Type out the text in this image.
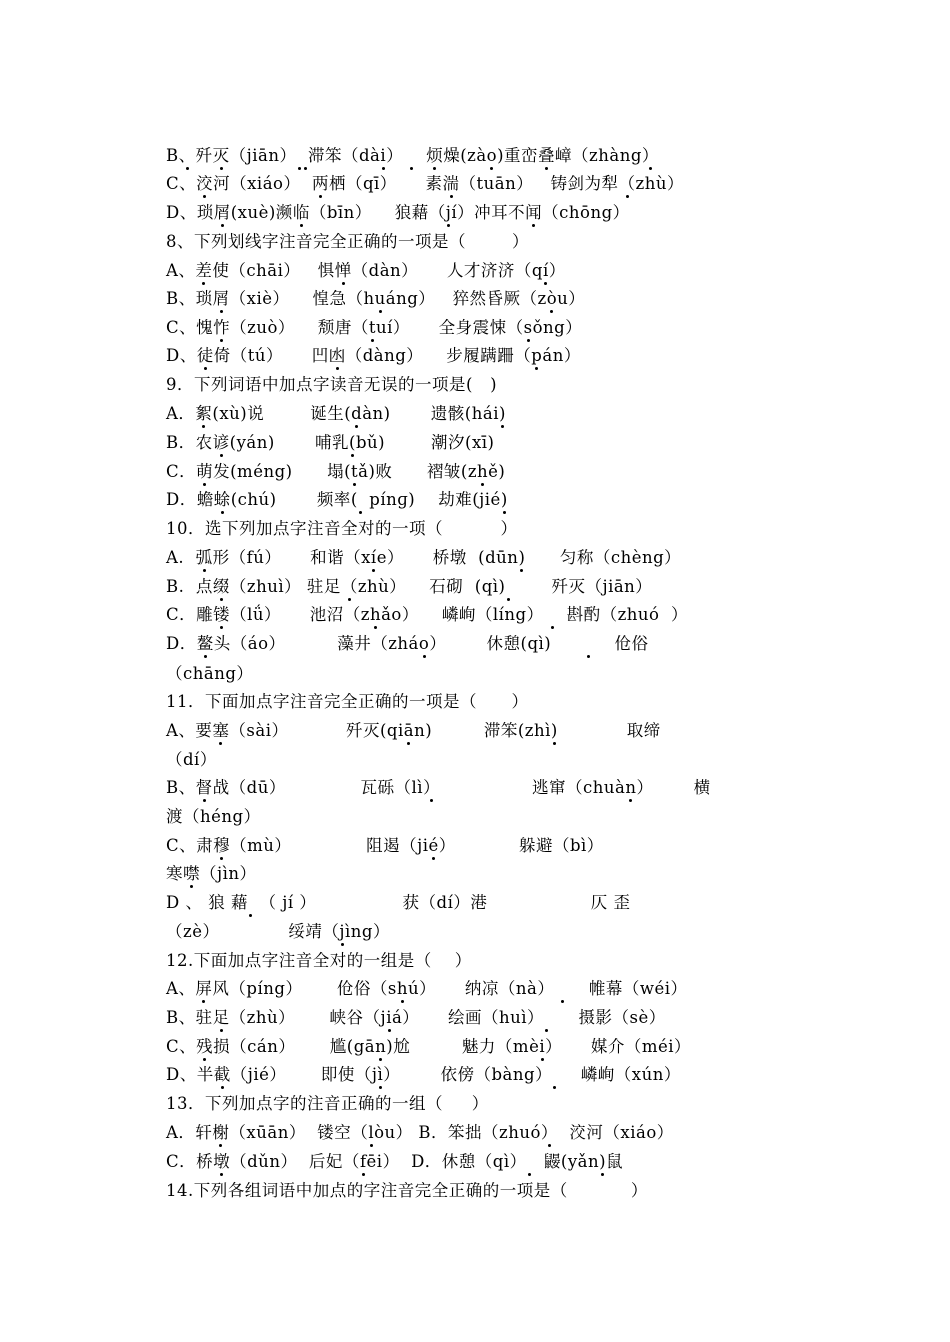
B、歼灭（jiān） 滞笨（dài）    烦燥(zào)重峦叠嶂（zhàng）
C、洨河（xiáo）  两栖（qī）     素湍（tuān）   铸剑为犁（zhù）
D、琐屑(xuè)濒临（bīn）    狼藉（jí）冲耳不闻（chōng）
8、下列划线字注音完全正确的一项是（        ）
A、差使（chāi）   惧惮（dàn）     人才济济（qí）
B、琐屑（xiè）    惶急（huáng）   猝然昏厥（zòu）
C、愧怍（zuò）    颓唐（tuí）     全身震悚（sǒng）
D、徒倚（tú）     凹凼（dàng）    步履蹒跚（pán）
9．下列词语中加点字读音无误的一项是(   )
A．絮(xù)说        诞生(dàn)       遗骸(hái)
B．农谚(yán)       哺乳(bǔ)        潮汐(xī)
C．萌发(méng)      塌(tǎ)败      褶皱(zhě)
D．蟾蜍(chú)       频率(  pínɡ)    劫难(jié)
10．选下列加点字注音全对的一项（          ）
A.  弧形（fú）     和谐（xíe）     桥墩  (dūn)      匀称（chèng）
B.  点缀（zhuì） 驻足（zhù）    石砌  (qì)        歼灭（jiān）
C．雕镂（lǘ）     池沼（zhǎo）    嶙峋（líng）    斟酌（zhuó  ）
D．鳌头（áo）         藻井（zháo）       休憩(qì)           伧俗
（chāng）
11．下面加点字注音完全正确的一项是（      ）
A、要塞（sài）          歼灭(qiān)         滞笨(zhì)            取缔
（dí）
B、督战（dū）             瓦砾（lì）                逃窜（chuàn）       横
渡（héng）
C、肃穆（mù）             阻遏（jié）           躲避（bì）
寒噤（jìn）
D 、 狼 藉  （ jí ）               获（dí）港                  仄 歪
（zè）            绥靖（jìng）
12.下面加点字注音全对的一组是（    ）
A、屏风（píng）      伧俗（shú）     纳凉（nà）      帷幕（wéi）
B、驻足（zhù）      峡谷（jiá）     绘画（huì）      摄影（sè）
C、残损（cán）      尴(gān)尬         魅力（mèi）     媒介（méi）
D、半截（jié）      即使（jì）       依傍（bàng）     嶙峋（xún）
13．下列加点字的注音正确的一组（     ）
A．轩榭（xūān）  镂空（lòu） B．笨拙（zhuó）  洨河（xiáo）
C．桥墩（dǔn）  后妃（fēi）  D．休憩（qì）   鼹(yǎn)鼠
14.下列各组词语中加点的字注音完全正确的一项是（           ）
